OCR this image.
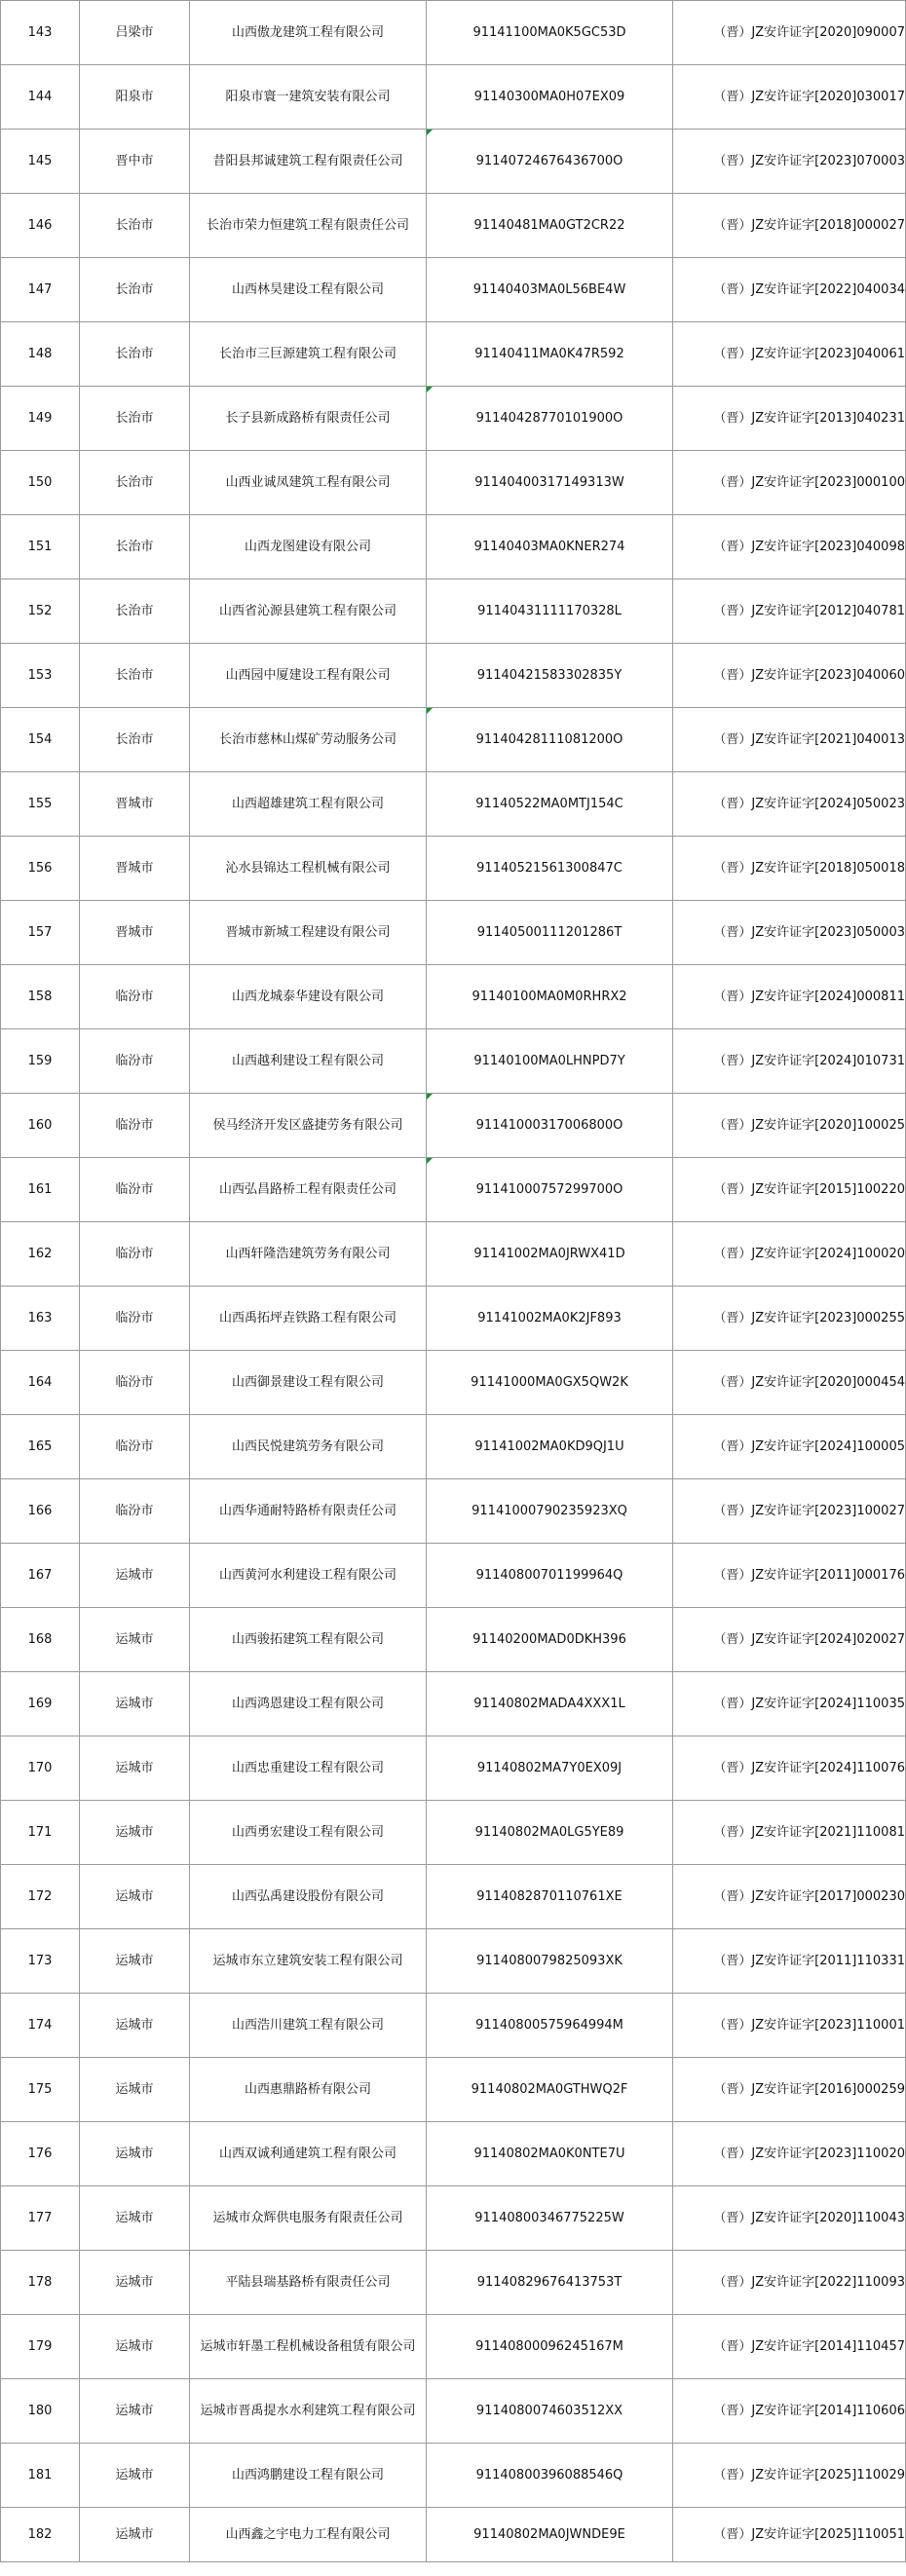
143	吕梁市	山西傲龙建筑工程有限公司	91141100MA0K5GC53D	（晋）JZ安许证字[2020]090007
144	阳泉市	阳泉市寰一建筑安装有限公司	91140300MA0H07EX09	（晋）JZ安许证字[2020]030017
145	晋中市	昔阳县邦诚建筑工程有限责任公司	91140724676436700O	（晋）JZ安许证字[2023]070003
146	长治市	长治市荣力恒建筑工程有限责任公司	91140481MA0GT2CR22	（晋）JZ安许证字[2018]000027
147	长治市	山西林昊建设工程有限公司	91140403MA0L56BE4W	（晋）JZ安许证字[2022]040034
148	长治市	长治市三巨源建筑工程有限公司	91140411MA0K47R592	（晋）JZ安许证字[2023]040061
149	长治市	长子县新成路桥有限责任公司	91140428770101900O	（晋）JZ安许证字[2013]040231
150	长治市	山西业诚凤建筑工程有限公司	91140400317149313W	（晋）JZ安许证字[2023]000100
151	长治市	山西龙图建设有限公司	91140403MA0KNER274	（晋）JZ安许证字[2023]040098
152	长治市	山西省沁源县建筑工程有限公司	91140431111170328L	（晋）JZ安许证字[2012]040781
153	长治市	山西园中厦建设工程有限公司	91140421583302835Y	（晋）JZ安许证字[2023]040060
154	长治市	长治市慈林山煤矿劳动服务公司	91140428111081200O	（晋）JZ安许证字[2021]040013
155	晋城市	山西超雄建筑工程有限公司	91140522MA0MTJ154C	（晋）JZ安许证字[2024]050023
156	晋城市	沁水县锦达工程机械有限公司	91140521561300847C	（晋）JZ安许证字[2018]050018
157	晋城市	晋城市新城工程建设有限公司	91140500111201286T	（晋）JZ安许证字[2023]050003
158	临汾市	山西龙城泰华建设有限公司	91140100MA0M0RHRX2	（晋）JZ安许证字[2024]000811
159	临汾市	山西越利建设工程有限公司	91140100MA0LHNPD7Y	（晋）JZ安许证字[2024]010731
160	临汾市	侯马经济开发区盛捷劳务有限公司	91141000317006800O	（晋）JZ安许证字[2020]100025
161	临汾市	山西弘昌路桥工程有限责任公司	91141000757299700O	（晋）JZ安许证字[2015]100220
162	临汾市	山西轩隆浩建筑劳务有限公司	91141002MA0JRWX41D	（晋）JZ安许证字[2024]100020
163	临汾市	山西禹拓坪垚铁路工程有限公司	91141002MA0K2JF893	（晋）JZ安许证字[2023]000255
164	临汾市	山西御景建设工程有限公司	91141000MA0GX5QW2K	（晋）JZ安许证字[2020]000454
165	临汾市	山西民悦建筑劳务有限公司	91141002MA0KD9QJ1U	（晋）JZ安许证字[2024]100005
166	临汾市	山西华通耐特路桥有限责任公司	91141000790235923XQ	（晋）JZ安许证字[2023]100027
167	运城市	山西黄河水利建设工程有限公司	91140800701199964Q	（晋）JZ安许证字[2011]000176
168	运城市	山西骏拓建筑工程有限公司	91140200MAD0DKH396	（晋）JZ安许证字[2024]020027
169	运城市	山西鸿恩建设工程有限公司	91140802MADA4XXX1L	（晋）JZ安许证字[2024]110035
170	运城市	山西忠重建设工程有限公司	91140802MA7Y0EX09J	（晋）JZ安许证字[2024]110076
171	运城市	山西勇宏建设工程有限公司	91140802MA0LG5YE89	（晋）JZ安许证字[2021]110081
172	运城市	山西弘禹建设股份有限公司	91140828701107​61XE	（晋）JZ安许证字[2017]000230
173	运城市	运城市东立建筑安装工程有限公司	91140800798250​93XK	（晋）JZ安许证字[2011]110331
174	运城市	山西浩川建筑工程有限公司	91140800575964994M	（晋）JZ安许证字[2023]110001
175	运城市	山西惠鼎路桥有限公司	91140802MA0GTHWQ2F	（晋）JZ安许证字[2016]000259
176	运城市	山西双诚利通建筑工程有限公司	91140802MA0K0NTE7U	（晋）JZ安许证字[2023]110020
177	运城市	运城市众辉供电服务有限责任公司	91140800346775225W	（晋）JZ安许证字[2020]110043
178	运城市	平陆县瑞基路桥有限责任公司	91140829676413753T	（晋）JZ安许证字[2022]110093
179	运城市	运城市轩墨工程机械设备租赁有限公司	91140800096245167M	（晋）JZ安许证字[2014]110457
180	运城市	运城市晋禹提水水利建筑工程有限公司	91140800746035​12XX	（晋）JZ安许证字[2014]110606
181	运城市	山西鸿鹏建设工程有限公司	91140800396088546Q	（晋）JZ安许证字[2025]110029
182	运城市	山西鑫之宇电力工程有限公司	91140802MA0JWNDE9E	（晋）JZ安许证字[2025]110051
